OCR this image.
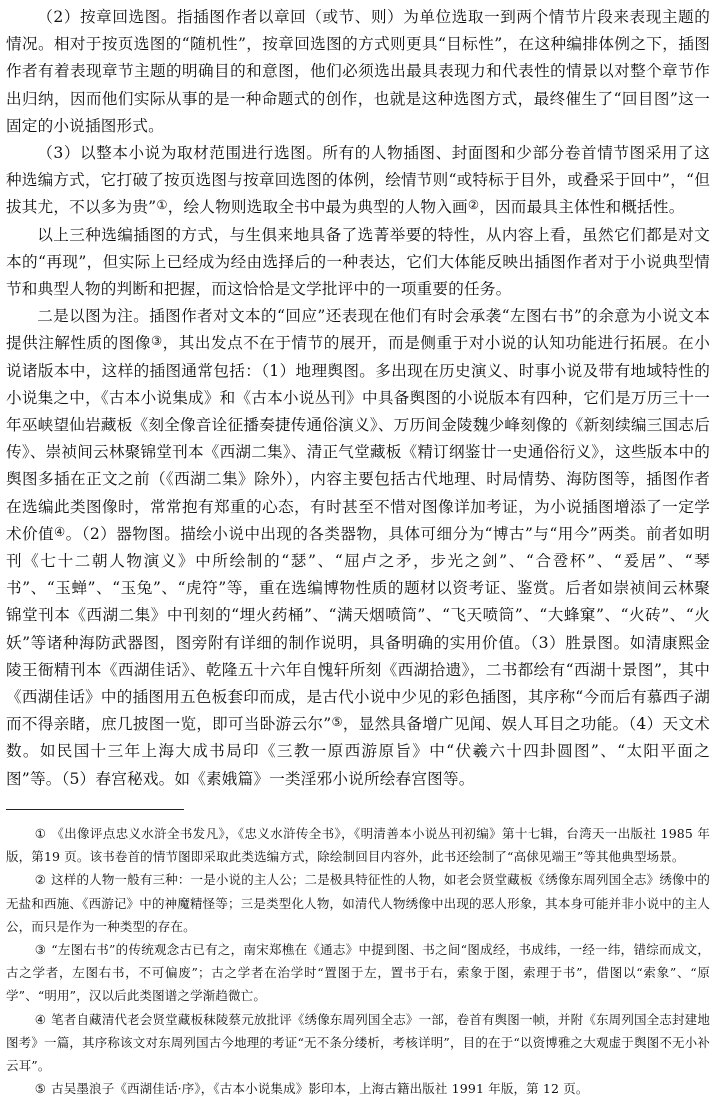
（2）按章回选图。指插图作者以章回（或节、则）为单位选取一到两个情节片段来表现主题的情况。相对于按页选图的“随机性”，按章回选图的方式则更具“目标性”，在这种编排体例之下，插图作者有着表现章节主题的明确目的和意图，他们必须选出最具表现力和代表性的情景以对整个章节作出归纳，因而他们实际从事的是一种命题式的创作，也就是这种选图方式，最终催生了“回目图”这一固定的小说插图形式。

（3）以整本小说为取材范围进行选图。所有的人物插图、封面图和少部分卷首情节图采用了这种选编方式，它打破了按页选图与按章回选图的体例，绘情节则“或特标于目外，或叠采于回中”，“但拔其尤，不以多为贵”①，绘人物则选取全书中最为典型的人物入画②，因而最具主体性和概括性。

以上三种选编插图的方式，与生俱来地具备了选菁举要的特性，从内容上看，虽然它们都是对文本的“再现”，但实际上已经成为经由选择后的一种表达，它们大体能反映出插图作者对于小说典型情节和典型人物的判断和把握，而这恰恰是文学批评中的一项重要的任务。

二是以图为注。插图作者对文本的“回应”还表现在他们有时会承袭“左图右书”的余意为小说文本提供注解性质的图像③，其出发点不在于情节的展开，而是侧重于对小说的认知功能进行拓展。在小说诸版本中，这样的插图通常包括：（1）地理舆图。多出现在历史演义、时事小说及带有地域特性的小说集之中，《古本小说集成》和《古本小说丛刊》中具备舆图的小说版本有四种，它们是万历三十一年巫峡望仙岩藏板《刻全像音诠征播奏捷传通俗演义》、万历间金陵魏少峰刻像的《新刻续编三国志后传》、崇祯间云林聚锦堂刊本《西湖二集》、清正气堂藏板《精订纲鉴廿一史通俗衍义》，这些版本中的舆图多插在正文之前（《西湖二集》除外），内容主要包括古代地理、时局情势、海防图等，插图作者在选编此类图像时，常常抱有郑重的心态，有时甚至不惜对图像详加考证，为小说插图增添了一定学术价值④。（2）器物图。描绘小说中出现的各类器物，具体可细分为“博古”与“用今”两类。前者如明刊《七十二朝人物演义》中所绘制的“瑟”、“屈卢之矛，步光之剑”、“合卺杯”、“爰居”、“琴书”、“玉蝉”、“玉兔”、“虎符”等，重在选编博物性质的题材以资考证、鉴赏。后者如崇祯间云林聚锦堂刊本《西湖二集》中刊刻的“埋火药桶”、“满天烟喷筒”、“飞天喷筒”、“大蜂窠”、“火砖”、“火妖”等诸种海防武器图，图旁附有详细的制作说明，具备明确的实用价值。（3）胜景图。如清康熙金陵王衙精刊本《西湖佳话》、乾隆五十六年自愧轩所刻《西湖拾遗》，二书都绘有“西湖十景图”，其中《西湖佳话》中的插图用五色板套印而成，是古代小说中少见的彩色插图，其序称“今而后有慕西子湖而不得亲睹，庶几披图一览，即可当卧游云尔”⑤，显然具备增广见闻、娱人耳目之功能。（4）天文术数。如民国十三年上海大成书局印《三教一原西游原旨》中“伏羲六十四卦圆图”、“太阳平面之图”等。（5）春宫秘戏。如《素娥篇》一类淫邪小说所绘春宫图等。

① 《出像评点忠义水浒全书发凡》，《忠义水浒传全书》，《明清善本小说丛刊初编》第十七辑，台湾天一出版社 1985 年版，第19 页。该书卷首的情节图即采取此类选编方式，除绘制回目内容外，此书还绘制了“高俅见端王”等其他典型场景。

② 这样的人物一般有三种：一是小说的主人公；二是极具特征性的人物，如老会贤堂藏板《绣像东周列国全志》绣像中的无盐和西施、《西游记》中的神魔精怪等；三是类型化人物，如清代人物绣像中出现的恶人形象，其本身可能并非小说中的主人公，而只是作为一种类型的存在。

③ “左图右书”的传统观念古已有之，南宋郑樵在《通志》中提到图、书之间“图成经，书成纬，一经一纬，错综而成文，古之学者，左图右书，不可偏废”；古之学者在治学时“置图于左，置书于右，索象于图，索理于书”，借图以“索象”、“原学”、“明用”，汉以后此类图谱之学渐趋微亡。

④ 笔者自藏清代老会贤堂藏板秣陵蔡元放批评《绣像东周列国全志》一部，卷首有舆图一帧，并附《东周列国全志封建地图考》一篇，其序称该文对东周列国古今地理的考证“无不条分缕析，考核详明”，目的在于“以资博雅之大观虚于舆图不无小补云耳”。

⑤ 古吴墨浪子《西湖佳话·序》，《古本小说集成》影印本，上海古籍出版社 1991 年版，第 12 页。
